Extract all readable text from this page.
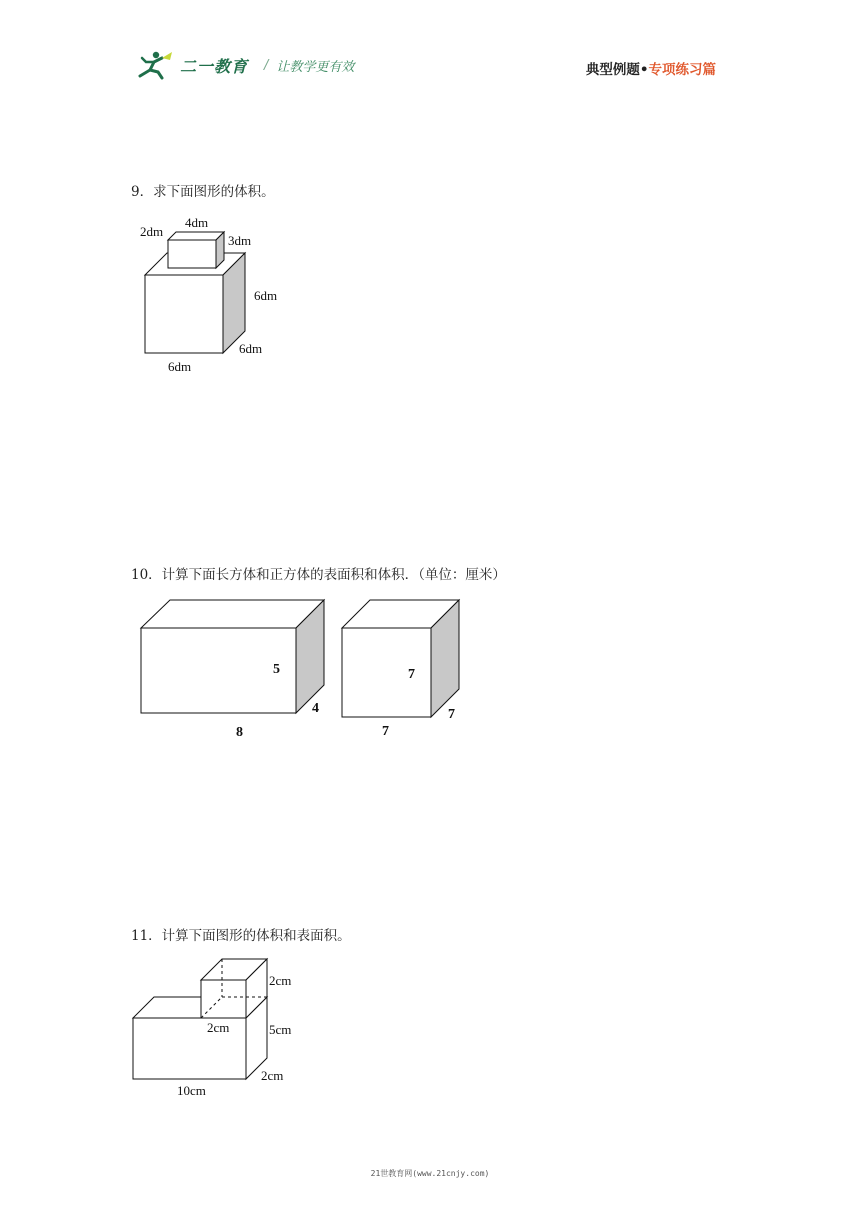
二一教育 / 让教学更有效	典型例题•专项练习篇
9．求下面图形的体积。
2dm
4dm
3dm
6dm
6dm
6dm
10．计算下面长方体和正方体的表面积和体积．（单位：厘米）
5
4
8
7
7
7
11．计算下面图形的体积和表面积。
2cm
2cm	5cm
2cm
10cm
21世教育网(www.21cnjy.com)
